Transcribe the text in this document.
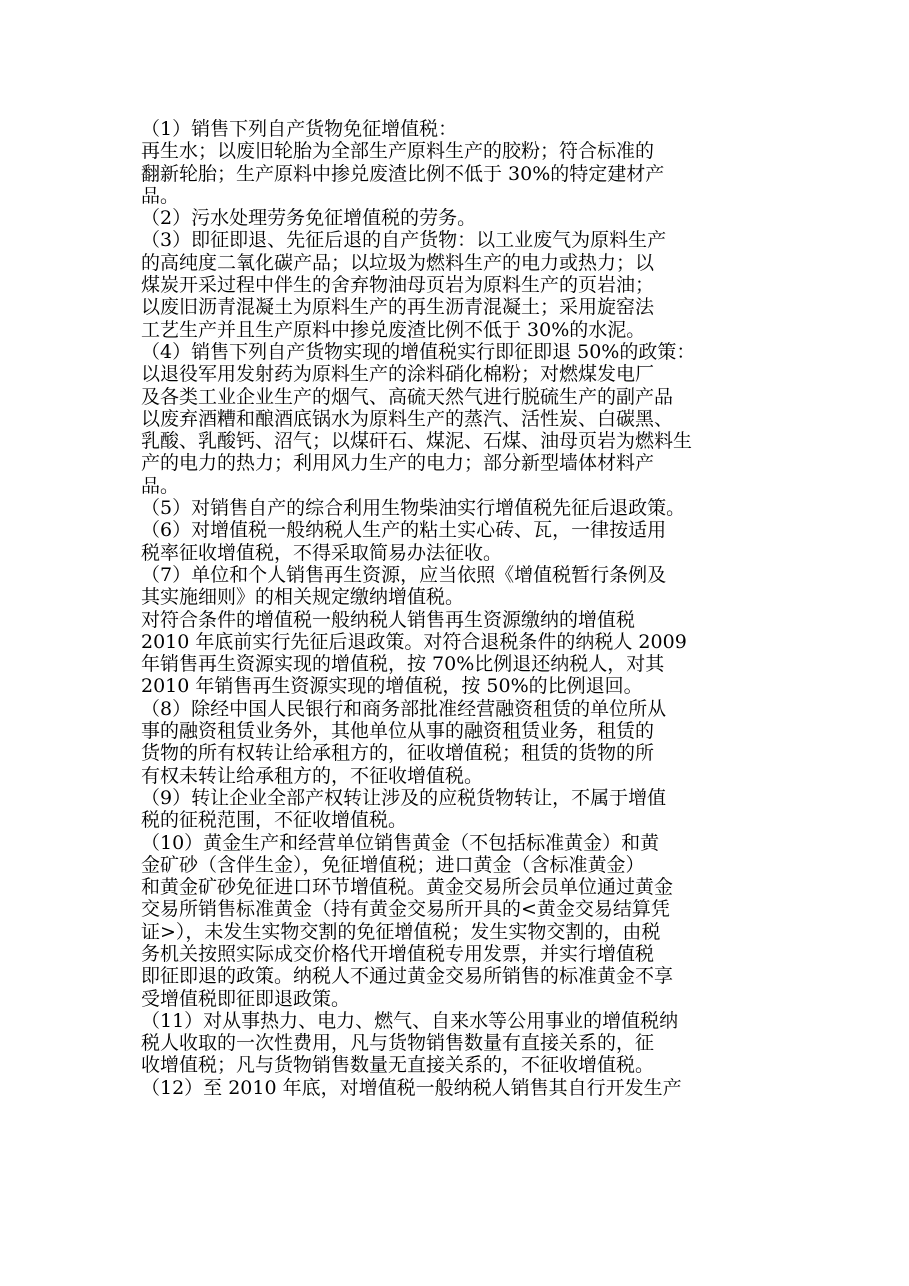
（1）销售下列自产货物免征增值税：
再生水；以废旧轮胎为全部生产原料生产的胶粉；符合标准的
翻新轮胎；生产原料中掺兑废渣比例不低于 30%的特定建材产
品。
（2）污水处理劳务免征增值税的劳务。
（3）即征即退、先征后退的自产货物：以工业废气为原料生产
的高纯度二氧化碳产品；以垃圾为燃料生产的电力或热力；以
煤炭开采过程中伴生的舍弃物油母页岩为原料生产的页岩油；
以废旧沥青混凝土为原料生产的再生沥青混凝土；采用旋窑法
工艺生产并且生产原料中掺兑废渣比例不低于 30%的水泥。
（4）销售下列自产货物实现的增值税实行即征即退 50%的政策：
以退役军用发射药为原料生产的涂料硝化棉粉；对燃煤发电厂
及各类工业企业生产的烟气、高硫天然气进行脱硫生产的副产品
以废弃酒糟和酿酒底锅水为原料生产的蒸汽、活性炭、白碳黑、
乳酸、乳酸钙、沼气；以煤矸石、煤泥、石煤、油母页岩为燃料生
产的电力的热力；利用风力生产的电力；部分新型墙体材料产
品。
（5）对销售自产的综合利用生物柴油实行增值税先征后退政策。
（6）对增值税一般纳税人生产的粘土实心砖、瓦，一律按适用
税率征收增值税，不得采取简易办法征收。
（7）单位和个人销售再生资源，应当依照《增值税暂行条例及
其实施细则》的相关规定缴纳增值税。
对符合条件的增值税一般纳税人销售再生资源缴纳的增值税
2010 年底前实行先征后退政策。对符合退税条件的纳税人 2009
年销售再生资源实现的增值税，按 70%比例退还纳税人，对其
2010 年销售再生资源实现的增值税，按 50%的比例退回。
（8）除经中国人民银行和商务部批准经营融资租赁的单位所从
事的融资租赁业务外，其他单位从事的融资租赁业务，租赁的
货物的所有权转让给承租方的，征收增值税；租赁的货物的所
有权未转让给承租方的，不征收增值税。
（9）转让企业全部产权转让涉及的应税货物转让，不属于增值
税的征税范围，不征收增值税。
（10）黄金生产和经营单位销售黄金（不包括标准黄金）和黄
金矿砂（含伴生金），免征增值税；进口黄金（含标准黄金）
和黄金矿砂免征进口环节增值税。黄金交易所会员单位通过黄金
交易所销售标准黄金（持有黄金交易所开具的<黄金交易结算凭
证>），未发生实物交割的免征增值税；发生实物交割的，由税
务机关按照实际成交价格代开增值税专用发票，并实行增值税
即征即退的政策。纳税人不通过黄金交易所销售的标准黄金不享
受增值税即征即退政策。
（11）对从事热力、电力、燃气、自来水等公用事业的增值税纳
税人收取的一次性费用，凡与货物销售数量有直接关系的，征
收增值税；凡与货物销售数量无直接关系的，不征收增值税。
（12）至 2010 年底，对增值税一般纳税人销售其自行开发生产
